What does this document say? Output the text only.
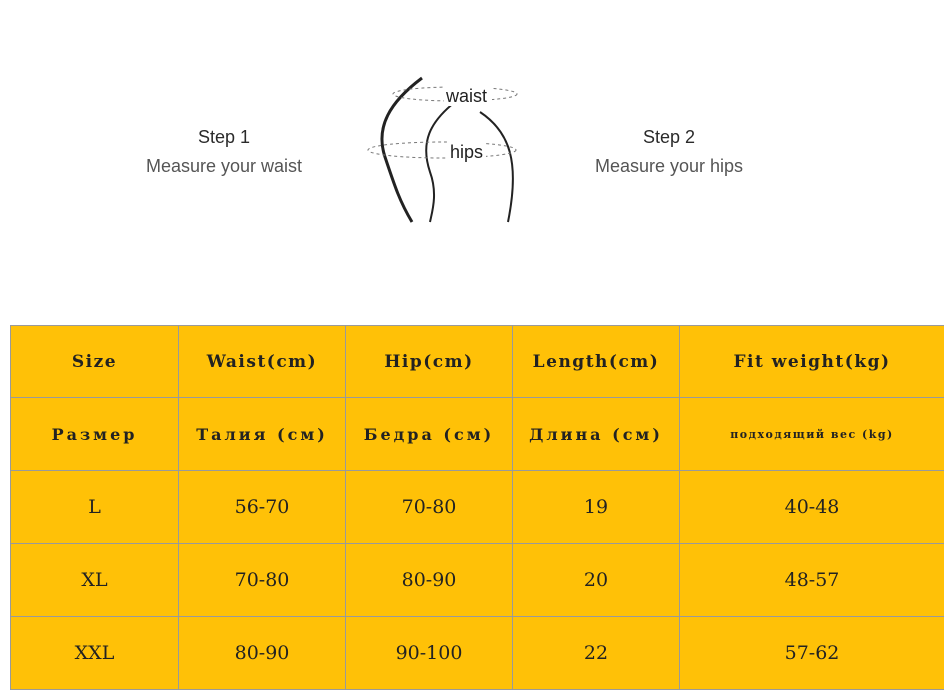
Step 1
Measure your waist
waist
hips
Step 2
Measure your hips
Size	Waist(cm)	Hip(cm)	Length(cm)	Fit weight(kg)
Размер	Талия (см)	Бедра (см)	Длина (см)	подходящий вес (kg)
L	56-70	70-80	19	40-48
XL	70-80	80-90	20	48-57
XXL	80-90	90-100	22	57-62
